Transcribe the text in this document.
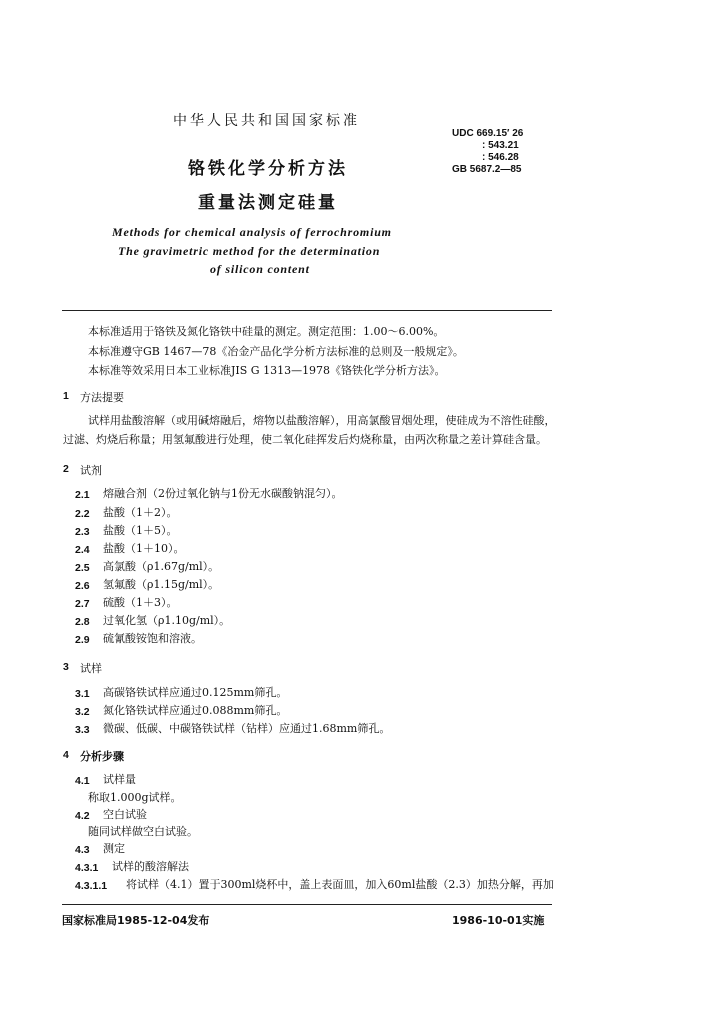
中华人民共和国国家标准
UDC 669.15′ 26
: 543.21
: 546.28
GB 5687.2—85
铬铁化学分析方法
重量法测定硅量
Methods for chemical analysis of ferrochromium
The gravimetric method for the determination
of silicon content
本标准适用于铬铁及氮化铬铁中硅量的测定。测定范围：1.00～6.00%。
本标准遵守GB 1467—78《冶金产品化学分析方法标准的总则及一般规定》。
本标准等效采用日本工业标准JIS G 1313—1978《铬铁化学分析方法》。
1 方法提要
试样用盐酸溶解（或用碱熔融后，熔物以盐酸溶解），用高氯酸冒烟处理，使硅成为不溶性硅酸，
过滤、灼烧后称量；用氢氟酸进行处理，使二氧化硅挥发后灼烧称量，由两次称量之差计算硅含量。
2 试剂
2.1 熔融合剂（2份过氧化钠与1份无水碳酸钠混匀）。
2.2 盐酸（1＋2）。
2.3 盐酸（1＋5）。
2.4 盐酸（1＋10）。
2.5 高氯酸（ρ1.67g/ml）。
2.6 氢氟酸（ρ1.15g/ml）。
2.7 硫酸（1＋3）。
2.8 过氧化氢（ρ1.10g/ml）。
2.9 硫氰酸铵饱和溶液。
3 试样
3.1 高碳铬铁试样应通过0.125mm筛孔。
3.2 氮化铬铁试样应通过0.088mm筛孔。
3.3 微碳、低碳、中碳铬铁试样（钻样）应通过1.68mm筛孔。
4 分析步骤
4.1 试样量
称取1.000g试样。
4.2 空白试验
随同试样做空白试验。
4.3 测定
4.3.1 试样的酸溶解法
4.3.1.1 将试样（4.1）置于300ml烧杯中，盖上表面皿，加入60ml盐酸（2.3）加热分解，再加
国家标准局1985-12-04发布	1986-10-01实施
